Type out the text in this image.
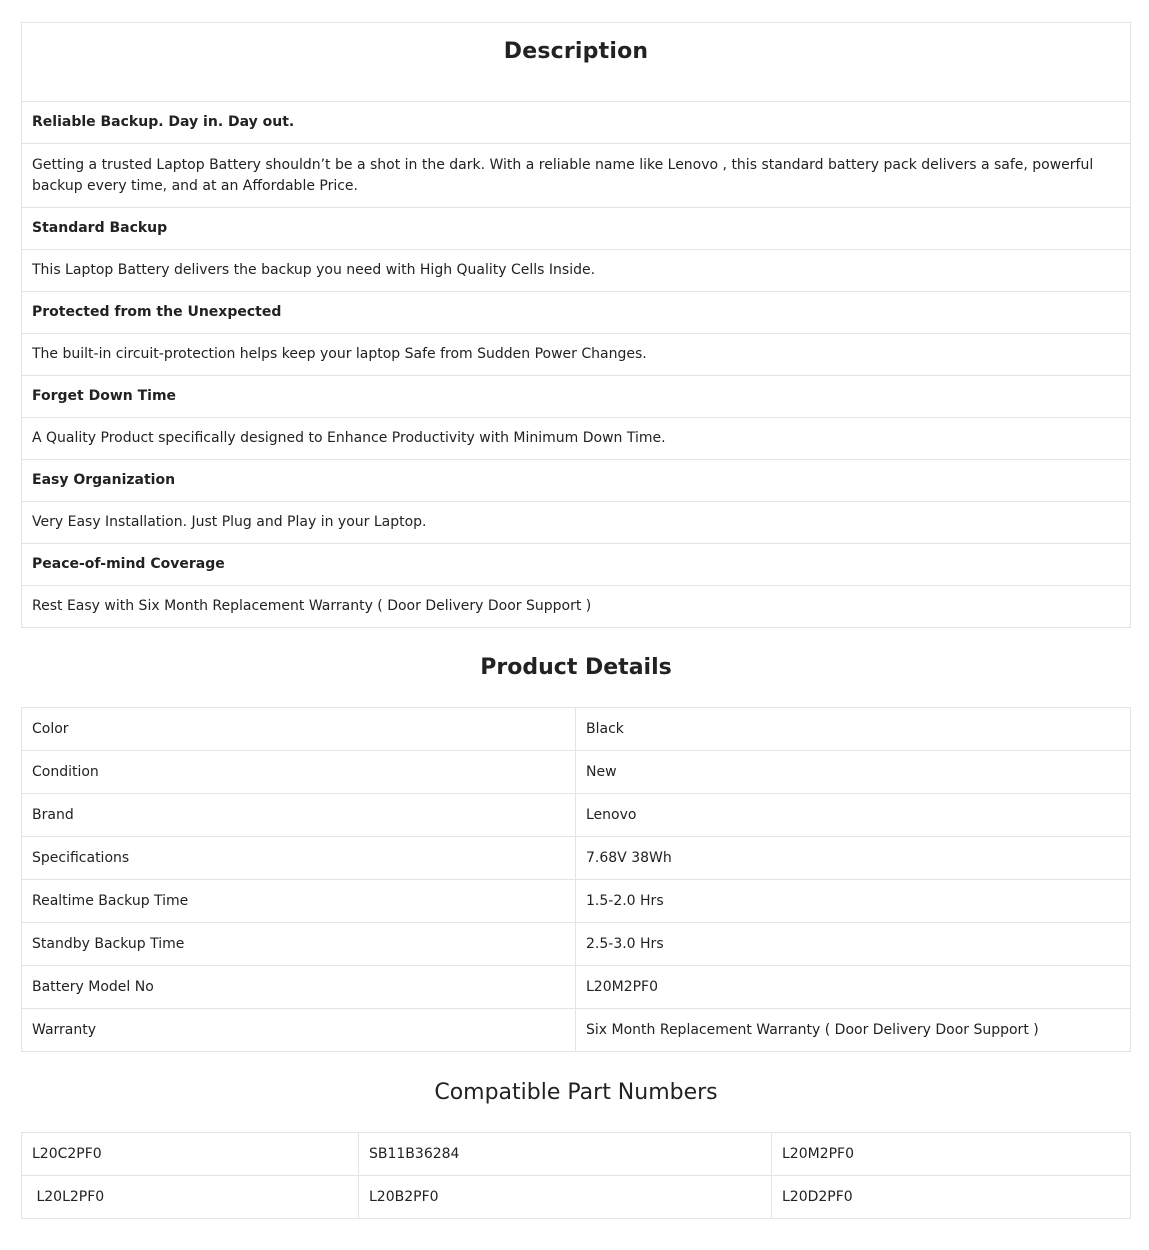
Description
Reliable Backup. Day in. Day out.
Getting a trusted Laptop Battery shouldn’t be a shot in the dark. With a reliable name like Lenovo , this standard battery pack delivers a safe, powerful backup every time, and at an Affordable Price.
Standard Backup
This Laptop Battery delivers the backup you need with High Quality Cells Inside.
Protected from the Unexpected
The built-in circuit-protection helps keep your laptop Safe from Sudden Power Changes.
Forget Down Time
A Quality Product specifically designed to Enhance Productivity with Minimum Down Time.
Easy Organization
Very Easy Installation. Just Plug and Play in your Laptop.
Peace-of-mind Coverage
Rest Easy with Six Month Replacement Warranty ( Door Delivery Door Support )
Product Details
Color	Black
Condition	New
Brand	Lenovo
Specifications	7.68V 38Wh
Realtime Backup Time	1.5-2.0 Hrs
Standby Backup Time	2.5-3.0 Hrs
Battery Model No	L20M2PF0
Warranty	Six Month Replacement Warranty ( Door Delivery Door Support )
Compatible Part Numbers
L20C2PF0	SB11B36284	L20M2PF0
L20L2PF0	L20B2PF0	L20D2PF0
